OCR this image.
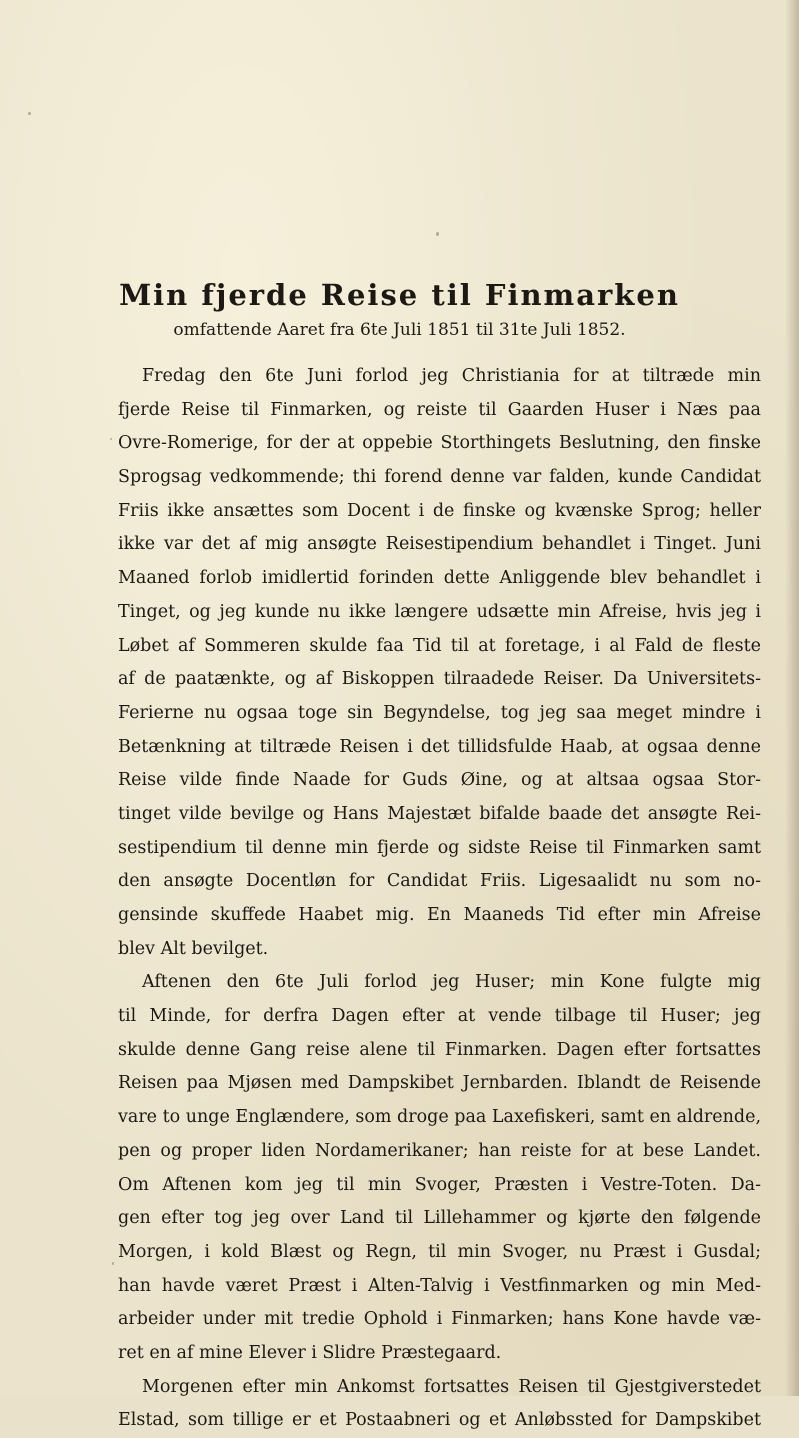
Min fjerde Reise til Finmarken
omfattende Aaret fra 6te Juli 1851 til 31te Juli 1852.
Fredag den 6te Juni forlod jeg Christiania for at tiltræde min
fjerde Reise til Finmarken, og reiste til Gaarden Huser i Næs paa
Ovre-Romerige, for der at oppebie Storthingets Beslutning, den finske
Sprogsag vedkommende; thi forend denne var falden, kunde Candidat
Friis ikke ansættes som Docent i de finske og kvænske Sprog; heller
ikke var det af mig ansøgte Reisestipendium behandlet i Tinget. Juni
Maaned forlob imidlertid forinden dette Anliggende blev behandlet i
Tinget, og jeg kunde nu ikke længere udsætte min Afreise, hvis jeg i
Løbet af Sommeren skulde faa Tid til at foretage, i al Fald de fleste
af de paatænkte, og af Biskoppen tilraadede Reiser. Da Universitets-
Ferierne nu ogsaa toge sin Begyndelse, tog jeg saa meget mindre i
Betænkning at tiltræde Reisen i det tillidsfulde Haab, at ogsaa denne
Reise vilde finde Naade for Guds Øine, og at altsaa ogsaa Stor-
tinget vilde bevilge og Hans Majestæt bifalde baade det ansøgte Rei-
sestipendium til denne min fjerde og sidste Reise til Finmarken samt
den ansøgte Docentløn for Candidat Friis. Ligesaalidt nu som no-
gensinde skuffede Haabet mig. En Maaneds Tid efter min Afreise
blev Alt bevilget.
Aftenen den 6te Juli forlod jeg Huser; min Kone fulgte mig
til Minde, for derfra Dagen efter at vende tilbage til Huser; jeg
skulde denne Gang reise alene til Finmarken. Dagen efter fortsattes
Reisen paa Mjøsen med Dampskibet Jernbarden. Iblandt de Reisende
vare to unge Englændere, som droge paa Laxefiskeri, samt en aldrende,
pen og proper liden Nordamerikaner; han reiste for at bese Landet.
Om Aftenen kom jeg til min Svoger, Præsten i Vestre-Toten. Da-
gen efter tog jeg over Land til Lillehammer og kjørte den følgende
Morgen, i kold Blæst og Regn, til min Svoger, nu Præst i Gusdal;
han havde været Præst i Alten-Talvig i Vestfinmarken og min Med-
arbeider under mit tredie Ophold i Finmarken; hans Kone havde væ-
ret en af mine Elever i Slidre Præstegaard.
Morgenen efter min Ankomst fortsattes Reisen til Gjestgiverstedet
Elstad, som tillige er et Postaabneri og et Anløbssted for Dampskibet
